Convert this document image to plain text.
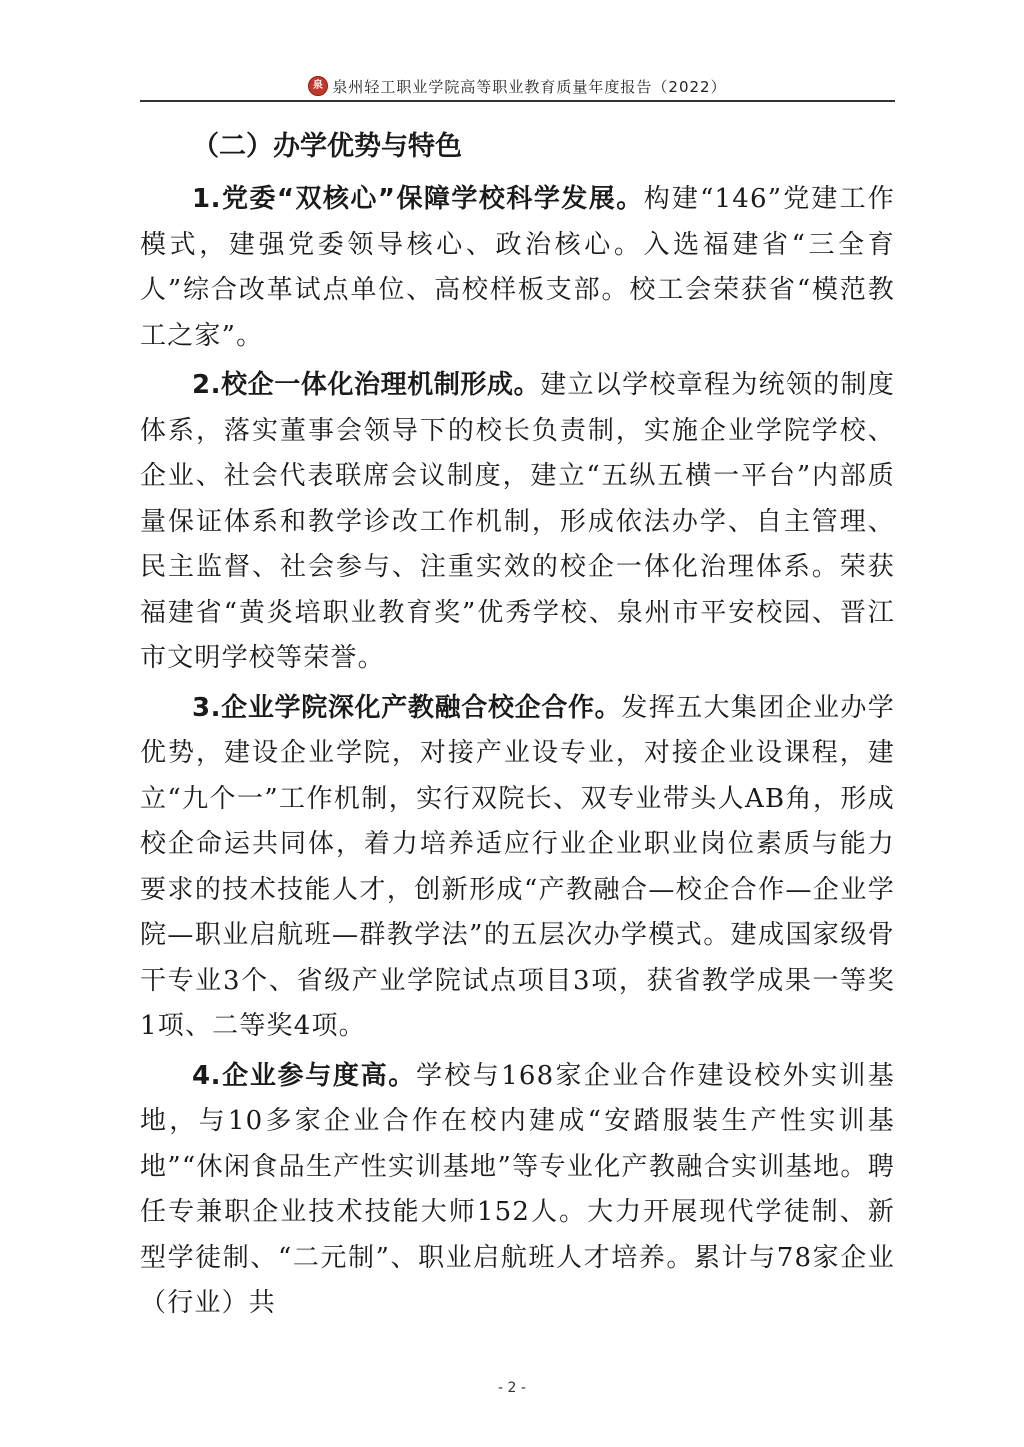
泉 泉州轻工职业学院高等职业教育质量年度报告（2022）
（二）办学优势与特色

1.党委“双核心”保障学校科学发展。构建“146”党建工作模式，建强党委领导核心、政治核心。入选福建省“三全育人”综合改革试点单位、高校样板支部。校工会荣获省“模范教工之家”。

2.校企一体化治理机制形成。建立以学校章程为统领的制度体系，落实董事会领导下的校长负责制，实施企业学院学校、企业、社会代表联席会议制度，建立“五纵五横一平台”内部质量保证体系和教学诊改工作机制，形成依法办学、自主管理、民主监督、社会参与、注重实效的校企一体化治理体系。荣获福建省“黄炎培职业教育奖”优秀学校、泉州市平安校园、晋江市文明学校等荣誉。

3.企业学院深化产教融合校企合作。发挥五大集团企业办学优势，建设企业学院，对接产业设专业，对接企业设课程，建立“九个一”工作机制，实行双院长、双专业带头人AB角，形成校企命运共同体，着力培养适应行业企业职业岗位素质与能力要求的技术技能人才，创新形成“产教融合—校企合作—企业学院—职业启航班—群教学法”的五层次办学模式。建成国家级骨干专业3个、省级产业学院试点项目3项，获省教学成果一等奖1项、二等奖4项。

4.企业参与度高。学校与168家企业合作建设校外实训基地，与10多家企业合作在校内建成“安踏服装生产性实训基地”“休闲食品生产性实训基地”等专业化产教融合实训基地。聘任专兼职企业技术技能大师152人。大力开展现代学徒制、新型学徒制、“二元制”、职业启航班人才培养。累计与78家企业（行业）共

- 2 -
